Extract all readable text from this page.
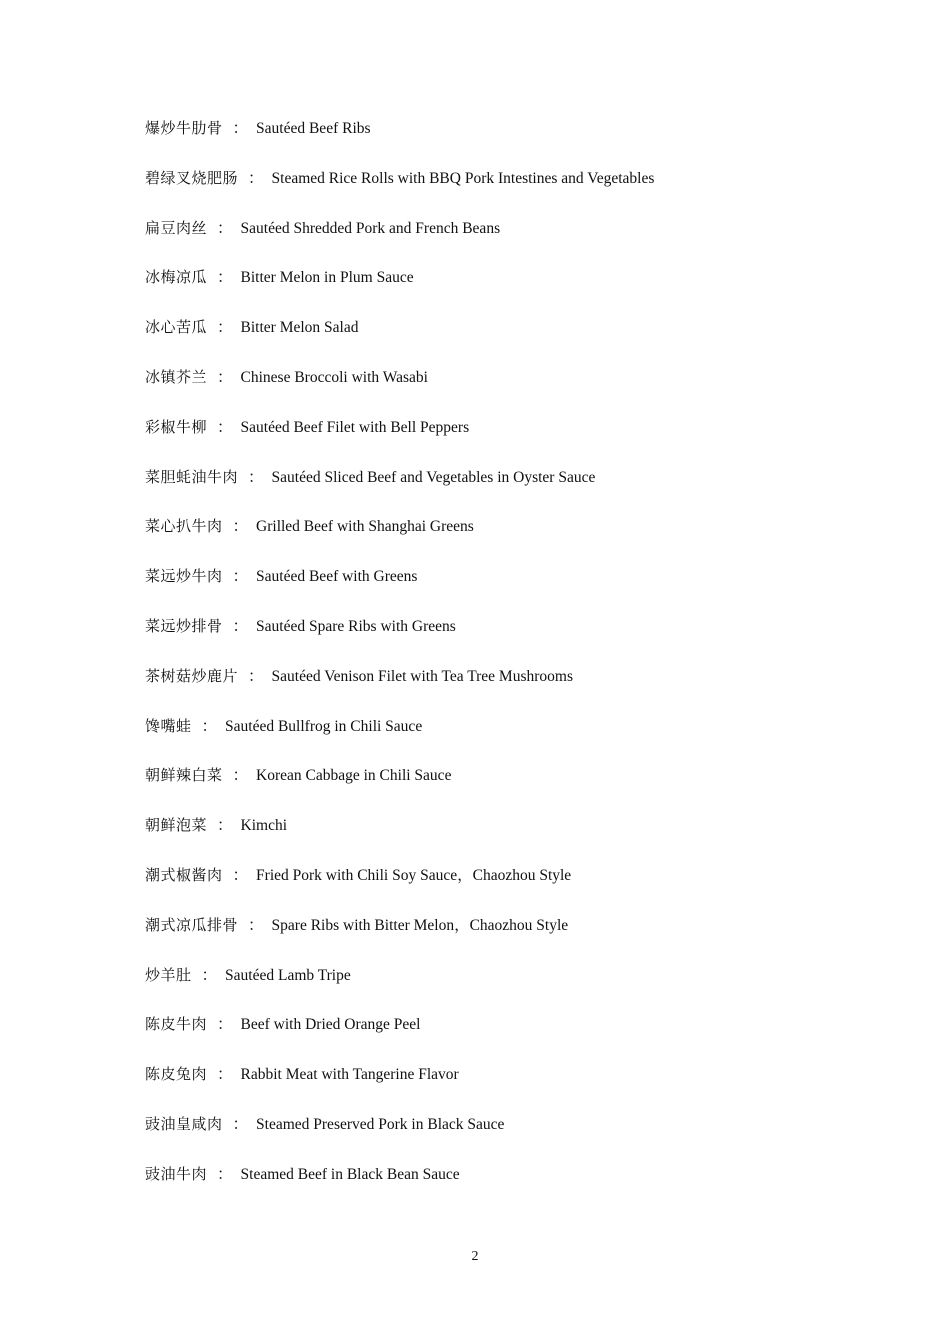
爆炒牛肋骨 ： Sautéed Beef Ribs
碧绿叉烧肥肠 ： Steamed Rice Rolls with BBQ Pork Intestines and Vegetables
扁豆肉丝 ： Sautéed Shredded Pork and French Beans
冰梅凉瓜 ： Bitter Melon in Plum Sauce
冰心苦瓜 ： Bitter Melon Salad
冰镇芥兰 ： Chinese Broccoli with Wasabi
彩椒牛柳 ： Sautéed Beef Filet with Bell Peppers
菜胆蚝油牛肉 ： Sautéed Sliced Beef and Vegetables in Oyster Sauce
菜心扒牛肉 ： Grilled Beef with Shanghai Greens
菜远炒牛肉 ： Sautéed Beef with Greens
菜远炒排骨 ： Sautéed Spare Ribs with Greens
茶树菇炒鹿片 ： Sautéed Venison Filet with Tea Tree Mushrooms
馋嘴蛙 ： Sautéed Bullfrog in Chili Sauce
朝鲜辣白菜 ： Korean Cabbage in Chili Sauce
朝鲜泡菜 ： Kimchi
潮式椒酱肉 ： Fried Pork with Chili Soy Sauce，Chaozhou Style
潮式凉瓜排骨 ： Spare Ribs with Bitter Melon，Chaozhou Style
炒羊肚 ： Sautéed Lamb Tripe
陈皮牛肉 ： Beef with Dried Orange Peel
陈皮兔肉 ： Rabbit Meat with Tangerine Flavor
豉油皇咸肉 ： Steamed Preserved Pork in Black Sauce
豉油牛肉 ： Steamed Beef in Black Bean Sauce
2
